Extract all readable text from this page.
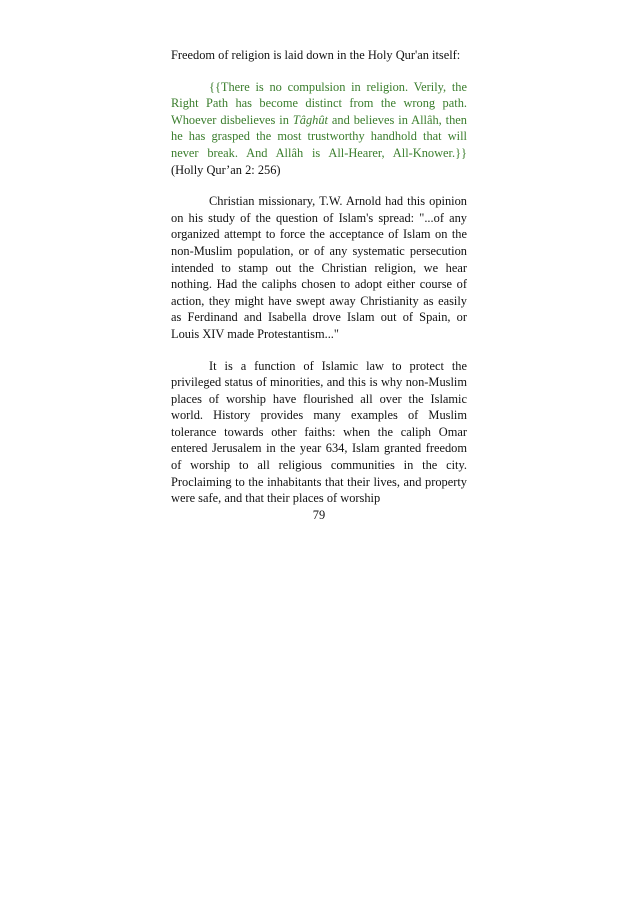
Freedom of religion is laid down in the Holy Qur'an itself:

{{There is no compulsion in religion. Verily, the Right Path has become distinct from the wrong path. Whoever disbelieves in Tâghût and believes in Allâh, then he has grasped the most trustworthy handhold that will never break. And Allâh is All-Hearer, All-Knower.}} (Holly Qur’an 2: 256)

Christian missionary, T.W. Arnold had this opinion on his study of the question of Islam's spread: "...of any organized attempt to force the acceptance of Islam on the non-Muslim population, or of any systematic persecution intended to stamp out the Christian religion, we hear nothing. Had the caliphs chosen to adopt either course of action, they might have swept away Christianity as easily as Ferdinand and Isabella drove Islam out of Spain, or Louis XIV made Protestantism..."

It is a function of Islamic law to protect the privileged status of minorities, and this is why non-Muslim places of worship have flourished all over the Islamic world. History provides many examples of Muslim tolerance towards other faiths: when the caliph Omar entered Jerusalem in the year 634, Islam granted freedom of worship to all religious communities in the city. Proclaiming to the inhabitants that their lives, and property were safe, and that their places of worship

79
